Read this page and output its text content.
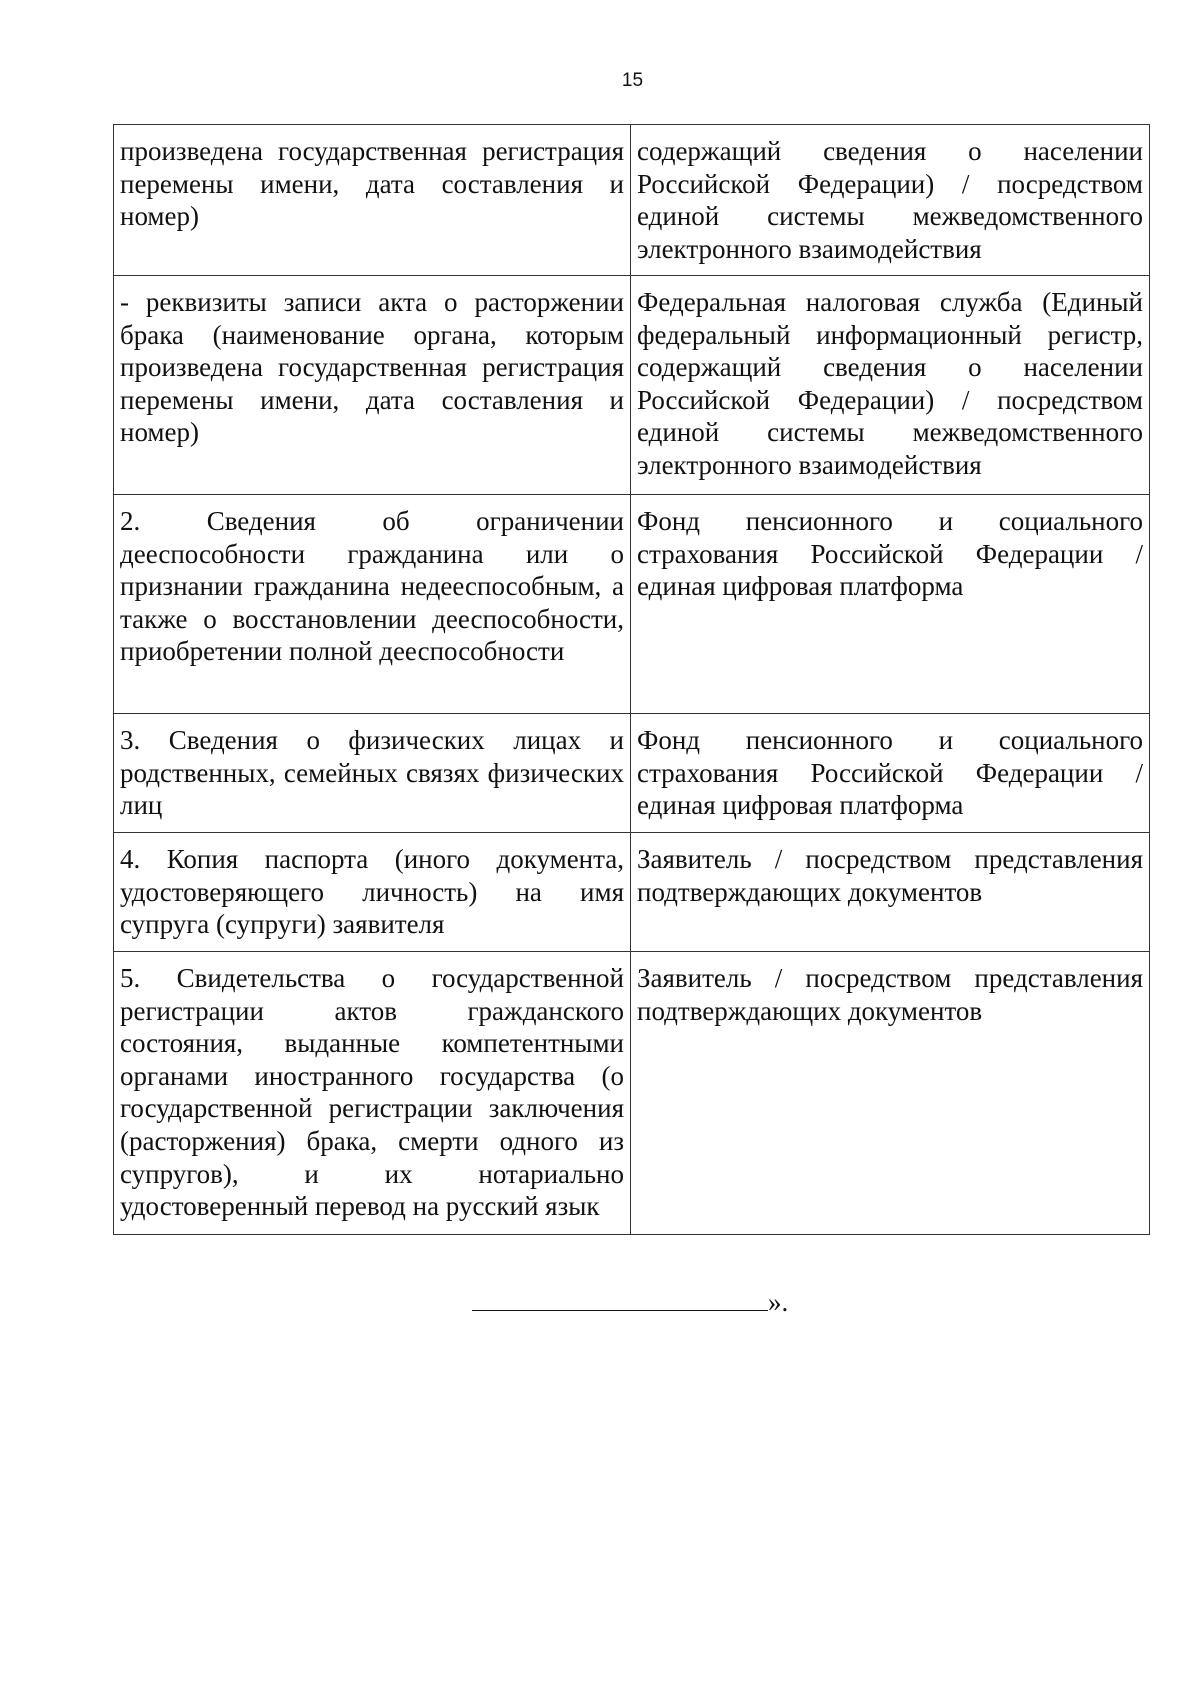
15
произведена государственная регистрация перемены имени, дата составления и номер)	содержащий сведения о населении Российской Федерации) / посредством единой системы межведомственного электронного взаимодействия
- реквизиты записи акта о расторжении брака (наименование органа, которым произведена государственная регистрация перемены имени, дата составления и номер)	Федеральная налоговая служба (Единый федеральный информационный регистр, содержащий сведения о населении Российской Федерации) / посредством единой системы межведомственного электронного взаимодействия
2. Сведения об ограничении дееспособности гражданина или о признании гражданина недееспособным, а также о восстановлении дееспособности, приобретении полной дееспособности	Фонд пенсионного и социального страхования Российской Федерации / единая цифровая платформа
3. Сведения о физических лицах и родственных, семейных связях физических лиц	Фонд пенсионного и социального страхования Российской Федерации / единая цифровая платформа
4. Копия паспорта (иного документа, удостоверяющего личность) на имя супруга (супруги) заявителя	Заявитель / посредством представления подтверждающих документов
5. Свидетельства о государственной регистрации актов гражданского состояния, выданные компетентными органами иностранного государства (о государственной регистрации заключения (расторжения) брака, смерти одного из супругов), и их нотариально удостоверенный перевод на русский язык	Заявитель / посредством представления подтверждающих документов
».
